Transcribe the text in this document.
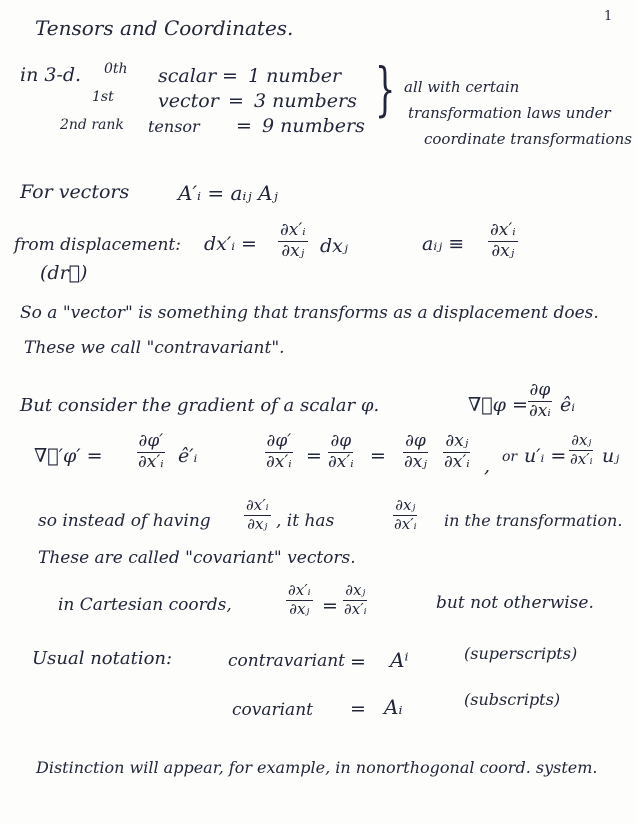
1
Tensors and Coordinates.
in 3-d. 0th scalar = 1 number
1st vector = 3 numbers
2nd rank tensor = 9 numbers
} all with certain
transformation laws under
coordinate transformations
For vectors A′ᵢ = aᵢⱼ Aⱼ
from displacement:
(dr⃗)
dx′ᵢ = $\frac{\text{∂x′ᵢ}}{\text{∂xⱼ}}$ dxⱼ	aᵢⱼ ≡ $\frac{\text{∂x′ᵢ}}{\text{∂xⱼ}}$
So a "vector" is something that transforms as a displacement does.
These we call "contravariant".
But consider the gradient of a scalar φ.	∇⃗φ = $\frac{\partial\varphi}{\text{∂xᵢ}}$ êᵢ
∇⃗′φ′ = $\frac{\partial\varphi'}{\text{∂x′ᵢ}}$ ê′ᵢ	$\frac{\partial\varphi'}{\text{∂x′ᵢ}} = \frac{\partial\varphi}{\text{∂x′ᵢ}} = \frac{\partial\varphi}{\text{∂xⱼ}} \frac{\text{∂xⱼ}}{\text{∂x′ᵢ}}$ , or u′ᵢ = $\frac{\text{∂xⱼ}}{\text{∂x′ᵢ}}$ uⱼ
so instead of having $\frac{\text{∂x′ᵢ}}{\text{∂xⱼ}}$ , it has	$\frac{\text{∂xⱼ}}{\text{∂x′ᵢ}}$ in the transformation.
These are called "covariant" vectors.
in Cartesian coords,	$\frac{\text{∂x′ᵢ}}{\text{∂xⱼ}} = \frac{\text{∂xⱼ}}{\text{∂x′ᵢ}}$	but not otherwise.
Usual notation:	contravariant = Aⁱ	(superscripts)
covariant = Aᵢ	(subscripts)
Distinction will appear, for example, in nonorthogonal coord. system.
